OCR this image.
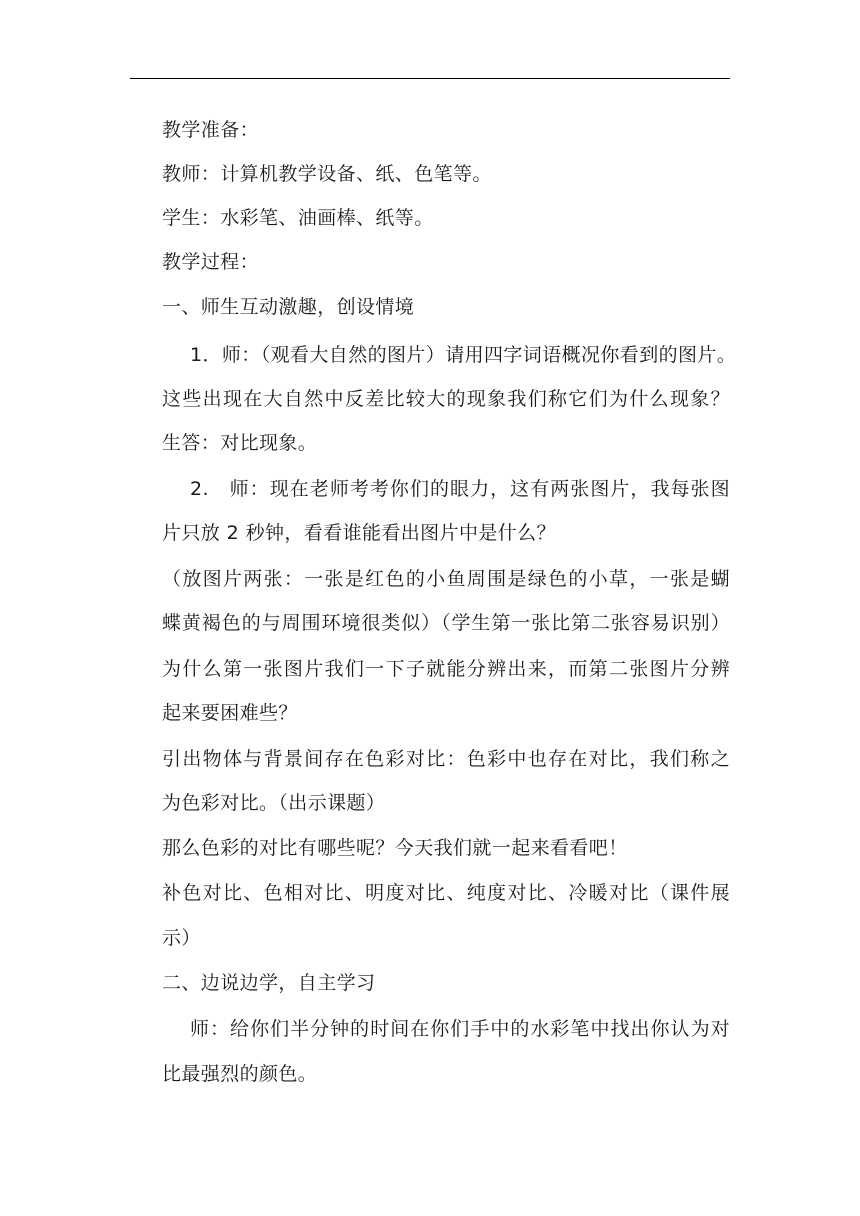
教学准备：
教师：计算机教学设备、纸、色笔等。
学生：水彩笔、油画棒、纸等。
教学过程：
一、师生互动激趣，创设情境
1．师：（观看大自然的图片）请用四字词语概况你看到的图片。
这些出现在大自然中反差比较大的现象我们称它们为什么现象？
生答：对比现象。
2.　师：现在老师考考你们的眼力，这有两张图片，我每张图
片只放 2 秒钟，看看谁能看出图片中是什么？
（放图片两张：一张是红色的小鱼周围是绿色的小草，一张是蝴
蝶黄褐色的与周围环境很类似）（学生第一张比第二张容易识别）
为什么第一张图片我们一下子就能分辨出来，而第二张图片分辨
起来要困难些？
引出物体与背景间存在色彩对比：色彩中也存在对比，我们称之
为色彩对比。（出示课题）
那么色彩的对比有哪些呢？今天我们就一起来看看吧！
补色对比、色相对比、明度对比、纯度对比、冷暖对比（课件展
示）
二、边说边学，自主学习
师：给你们半分钟的时间在你们手中的水彩笔中找出你认为对
比最强烈的颜色。
